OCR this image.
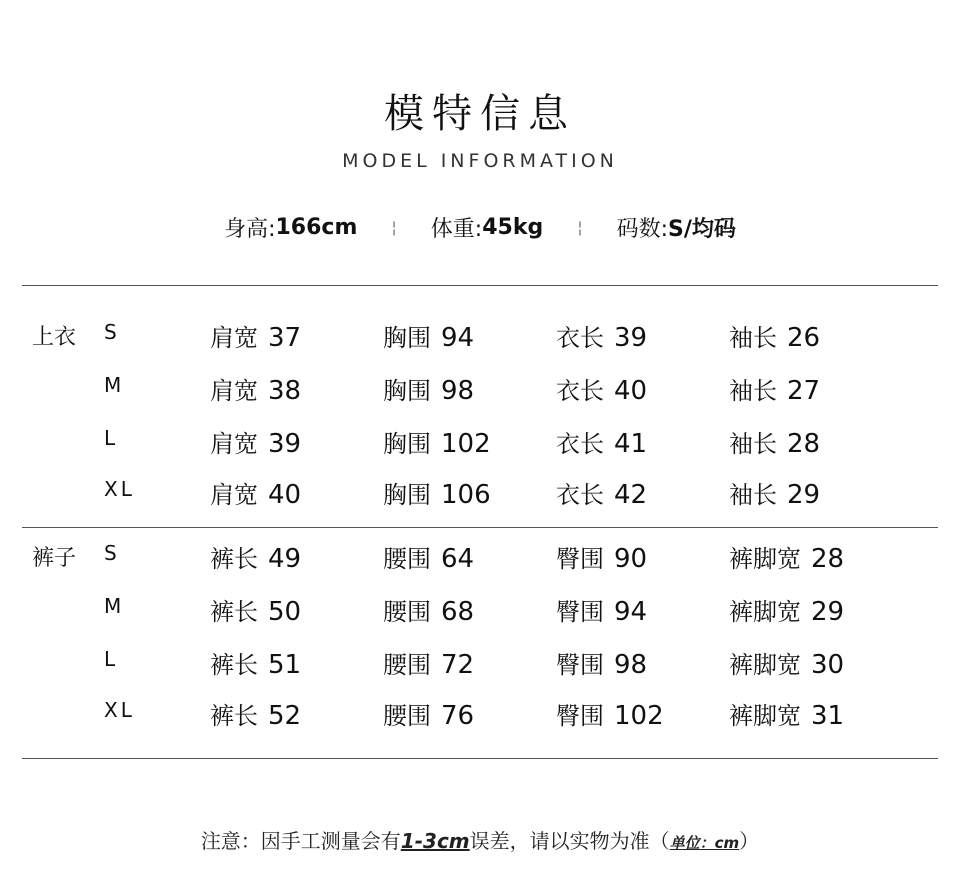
模特信息
MODEL INFORMATION
身高: 166cm ¦ 体重: 45kg ¦ 码数: S/均码
上衣 S	肩宽 37	胸围 94	衣长 39	袖长 26
M	肩宽 38	胸围 98	衣长 40	袖长 27
L	肩宽 39	胸围 102	衣长 41	袖长 28
XL	肩宽 40	胸围 106	衣长 42	袖长 29
裤子 S	裤长 49	腰围 64	臀围 90	裤脚宽 28
M	裤长 50	腰围 68	臀围 94	裤脚宽 29
L	裤长 51	腰围 72	臀围 98	裤脚宽 30
XL	裤长 52	腰围 76	臀围 102	裤脚宽 31
注意：因手工测量会有1-3cm误差，请以实物为准（单位：cm）
